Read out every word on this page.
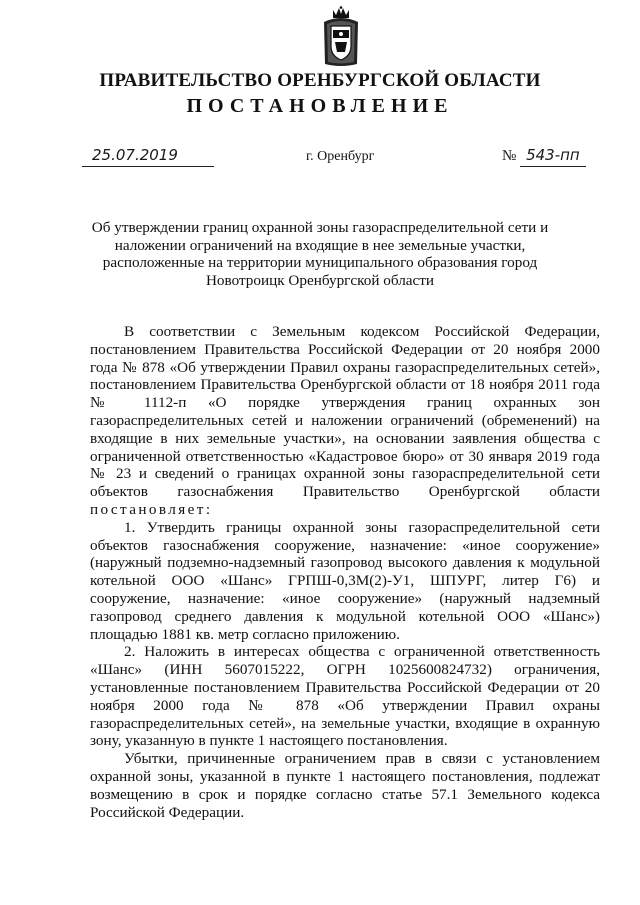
ПРАВИТЕЛЬСТВО ОРЕНБУРГСКОЙ ОБЛАСТИ
ПОСТАНОВЛЕНИЕ
25.07.2019	г. Оренбург	№ 543-пп
Об утверждении границ охранной зоны газораспределительной сети и наложении ограничений на входящие в нее земельные участки, расположенные на территории муниципального образования город Новотроицк Оренбургской области

В соответствии с Земельным кодексом Российской Федерации, постановлением Правительства Российской Федерации от 20 ноября 2000 года № 878 «Об утверждении Правил охраны газораспределительных сетей», постановлением Правительства Оренбургской области от 18 ноября 2011 года № 1112-п «О порядке утверждения границ охранных зон газораспределительных сетей и наложении ограничений (обременений) на входящие в них земельные участки», на основании заявления общества с ограниченной ответственностью «Кадастровое бюро» от 30 января 2019 года № 23 и сведений о границах охранной зоны газораспределительной сети объектов газоснабжения Правительство Оренбургской области постановляет:

1. Утвердить границы охранной зоны газораспределительной сети объектов газоснабжения сооружение, назначение: «иное сооружение» (наружный подземно-надземный газопровод высокого давления к модульной котельной ООО «Шанс» ГРПШ-0,3М(2)-У1, ШПУРГ, литер Г6) и сооружение, назначение: «иное сооружение» (наружный надземный газопровод среднего давления к модульной котельной ООО «Шанс») площадью 1881 кв. метр согласно приложению.

2. Наложить в интересах общества с ограниченной ответственность «Шанс» (ИНН 5607015222, ОГРН 1025600824732) ограничения, установленные постановлением Правительства Российской Федерации от 20 ноября 2000 года № 878 «Об утверждении Правил охраны газораспределительных сетей», на земельные участки, входящие в охранную зону, указанную в пункте 1 настоящего постановления.

Убытки, причиненные ограничением прав в связи с установлением охранной зоны, указанной в пункте 1 настоящего постановления, подлежат возмещению в срок и порядке согласно статье 57.1 Земельного кодекса Российской Федерации.
